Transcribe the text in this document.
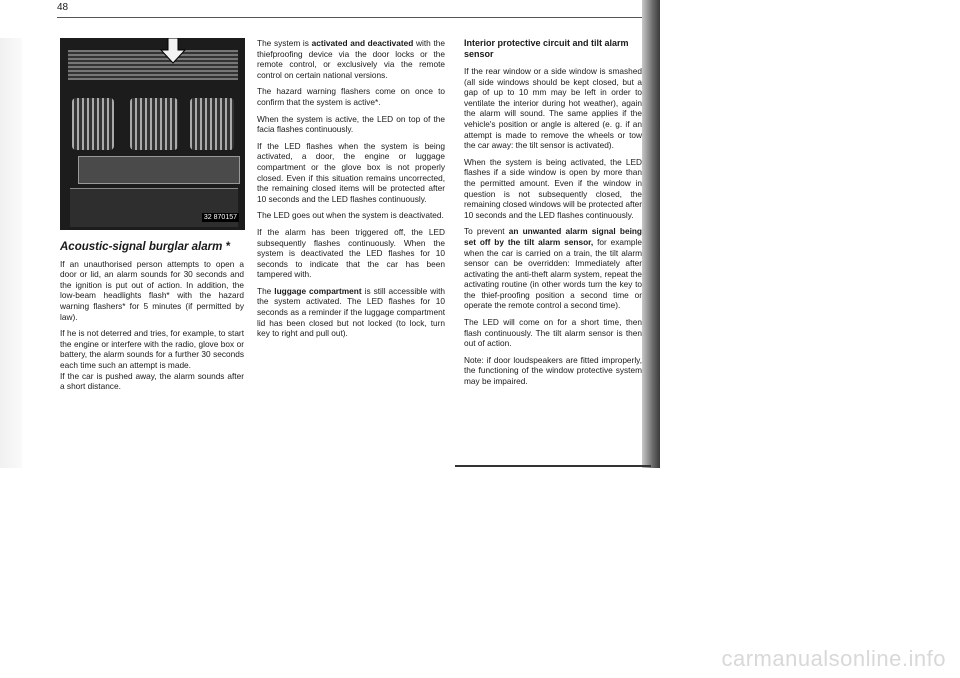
48
32 870157
Acoustic-signal burglar alarm *

If an unauthorised person attempts to open a door or lid, an alarm sounds for 30 seconds and the ignition is put out of action. In addition, the low-beam headlights flash* with the hazard warning flashers* for 5 minutes (if permitted by law).

If he is not deterred and tries, for example, to start the engine or interfere with the radio, glove box or battery, the alarm sounds for a further 30 seconds each time such an attempt is made.

If the car is pushed away, the alarm sounds after a short distance.

The system is activated and deactivated with the thiefproofing device via the door locks or the remote control, or exclusively via the remote control on certain national versions.

The hazard warning flashers come on once to confirm that the system is active*.

When the system is active, the LED on top of the facia flashes continuously.

If the LED flashes when the system is being activated, a door, the engine or luggage compartment or the glove box is not properly closed. Even if this situation remains uncorrected, the remaining closed items will be protected after 10 seconds and the LED flashes continuously.

The LED goes out when the system is deactivated.

If the alarm has been triggered off, the LED subsequently flashes continuously. When the system is deactivated the LED flashes for 10 seconds to indicate that the car has been tampered with.

The luggage compartment is still accessible with the system activated. The LED flashes for 10 seconds as a reminder if the luggage compartment lid has been closed but not locked (to lock, turn key to right and pull out).

Interior protective circuit and tilt alarm sensor

If the rear window or a side window is smashed (all side windows should be kept closed, but a gap of up to 10 mm may be left in order to ventilate the interior during hot weather), again the alarm will sound. The same applies if the vehicle's position or angle is altered (e. g. if an attempt is made to remove the wheels or tow the car away: the tilt sensor is activated).

When the system is being activated, the LED flashes if a side window is open by more than the permitted amount. Even if the window in question is not subsequently closed, the remaining closed windows will be protected after 10 seconds and the LED flashes continuously.

To prevent an unwanted alarm signal being set off by the tilt alarm sensor, for example when the car is carried on a train, the tilt alarm sensor can be overridden: Immediately after activating the anti-theft alarm system, repeat the activating routine (in other words turn the key to the thief-proofing position a second time or operate the remote control a second time).

The LED will come on for a short time, then flash continuously. The tilt alarm sensor is then out of action.

Note: if door loudspeakers are fitted improperly, the functioning of the window protective system may be impaired.

carmanualsonline.info
